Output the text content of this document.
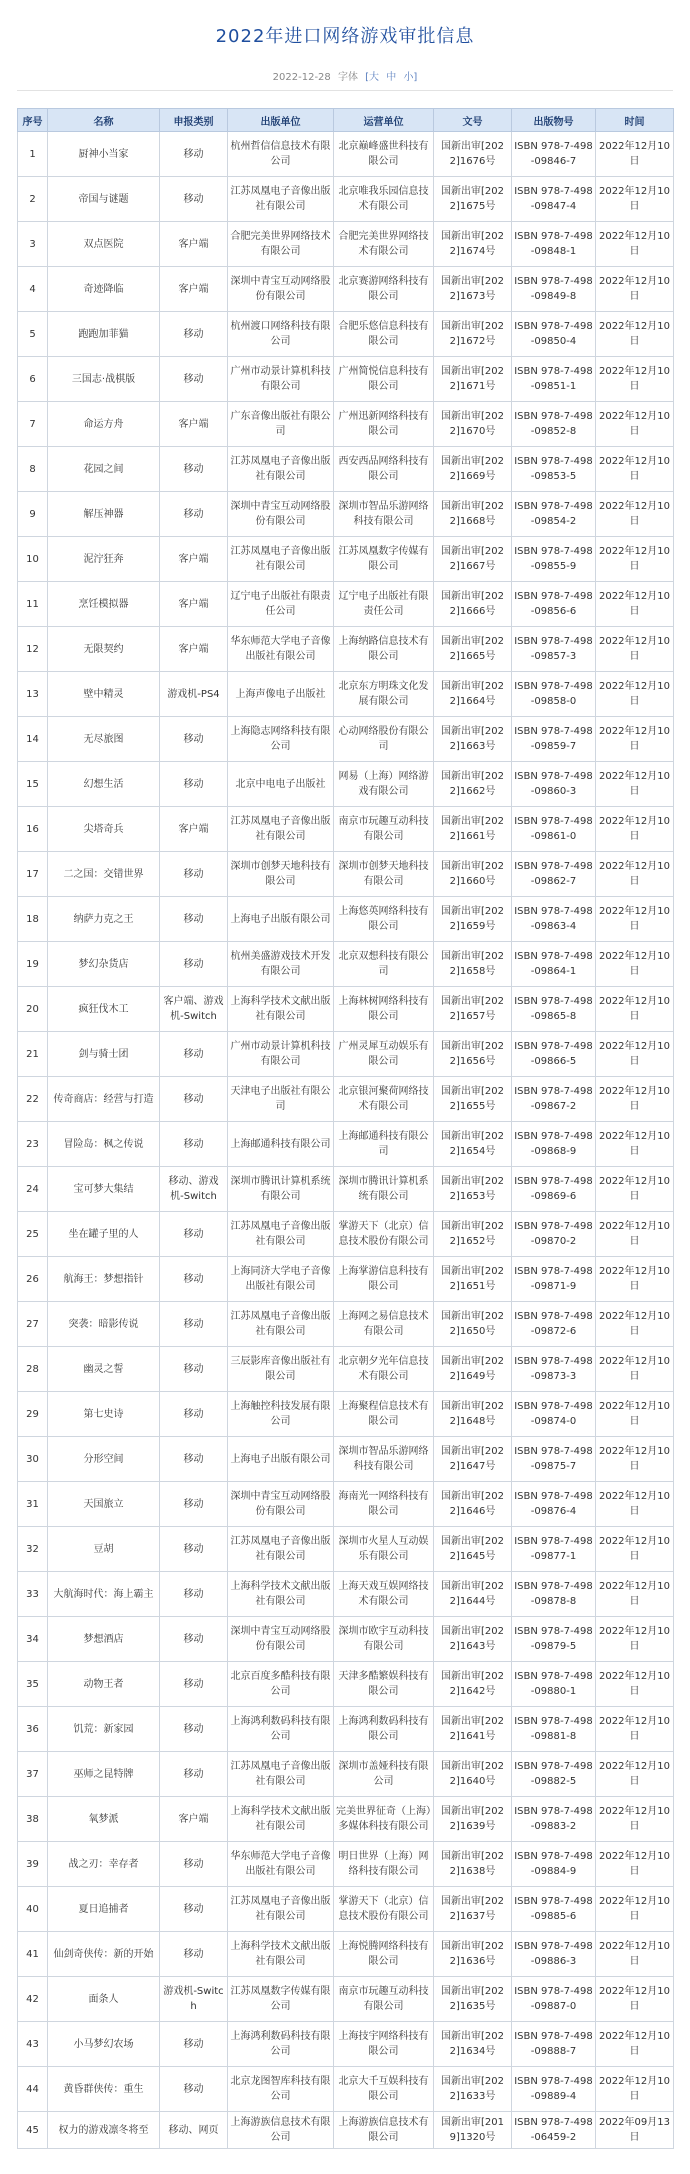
2022年进口网络游戏审批信息
2022-12-28 字体 [大 中 小]
序号	名称	申报类别	出版单位	运营单位	文号	出版物号	时间
1	厨神小当家	移动	杭州哲信信息技术有限公司	北京巅峰盛世科技有限公司	国新出审[2022]1676号	ISBN 978-7-498-09846-7	2022年12月10日
2	帝国与谜题	移动	江苏凤凰电子音像出版社有限公司	北京唯我乐园信息技术有限公司	国新出审[2022]1675号	ISBN 978-7-498-09847-4	2022年12月10日
3	双点医院	客户端	合肥完美世界网络技术有限公司	合肥完美世界网络技术有限公司	国新出审[2022]1674号	ISBN 978-7-498-09848-1	2022年12月10日
4	奇迹降临	客户端	深圳中青宝互动网络股份有限公司	北京赛游网络科技有限公司	国新出审[2022]1673号	ISBN 978-7-498-09849-8	2022年12月10日
5	跑跑加菲猫	移动	杭州渡口网络科技有限公司	合肥乐悠信息科技有限公司	国新出审[2022]1672号	ISBN 978-7-498-09850-4	2022年12月10日
6	三国志·战棋版	移动	广州市动景计算机科技有限公司	广州简悦信息科技有限公司	国新出审[2022]1671号	ISBN 978-7-498-09851-1	2022年12月10日
7	命运方舟	客户端	广东音像出版社有限公司	广州迅新网络科技有限公司	国新出审[2022]1670号	ISBN 978-7-498-09852-8	2022年12月10日
8	花园之间	移动	江苏凤凰电子音像出版社有限公司	西安西品网络科技有限公司	国新出审[2022]1669号	ISBN 978-7-498-09853-5	2022年12月10日
9	解压神器	移动	深圳中青宝互动网络股份有限公司	深圳市智品乐游网络科技有限公司	国新出审[2022]1668号	ISBN 978-7-498-09854-2	2022年12月10日
10	泥泞狂奔	客户端	江苏凤凰电子音像出版社有限公司	江苏凤凰数字传媒有限公司	国新出审[2022]1667号	ISBN 978-7-498-09855-9	2022年12月10日
11	烹饪模拟器	客户端	辽宁电子出版社有限责任公司	辽宁电子出版社有限责任公司	国新出审[2022]1666号	ISBN 978-7-498-09856-6	2022年12月10日
12	无限契约	客户端	华东师范大学电子音像出版社有限公司	上海纳路信息技术有限公司	国新出审[2022]1665号	ISBN 978-7-498-09857-3	2022年12月10日
13	壁中精灵	游戏机-PS4	上海声像电子出版社	北京东方明珠文化发展有限公司	国新出审[2022]1664号	ISBN 978-7-498-09858-0	2022年12月10日
14	无尽旅图	移动	上海隐志网络科技有限公司	心动网络股份有限公司	国新出审[2022]1663号	ISBN 978-7-498-09859-7	2022年12月10日
15	幻想生活	移动	北京中电电子出版社	网易（上海）网络游戏有限公司	国新出审[2022]1662号	ISBN 978-7-498-09860-3	2022年12月10日
16	尖塔奇兵	客户端	江苏凤凰电子音像出版社有限公司	南京市玩趣互动科技有限公司	国新出审[2022]1661号	ISBN 978-7-498-09861-0	2022年12月10日
17	二之国：交错世界	移动	深圳市创梦天地科技有限公司	深圳市创梦天地科技有限公司	国新出审[2022]1660号	ISBN 978-7-498-09862-7	2022年12月10日
18	纳萨力克之王	移动	上海电子出版有限公司	上海悠英网络科技有限公司	国新出审[2022]1659号	ISBN 978-7-498-09863-4	2022年12月10日
19	梦幻杂货店	移动	杭州美盛游戏技术开发有限公司	北京双想科技有限公司	国新出审[2022]1658号	ISBN 978-7-498-09864-1	2022年12月10日
20	疯狂伐木工	客户端、游戏机-Switch	上海科学技术文献出版社有限公司	上海林树网络科技有限公司	国新出审[2022]1657号	ISBN 978-7-498-09865-8	2022年12月10日
21	剑与骑士团	移动	广州市动景计算机科技有限公司	广州灵犀互动娱乐有限公司	国新出审[2022]1656号	ISBN 978-7-498-09866-5	2022年12月10日
22	传奇商店：经营与打造	移动	天津电子出版社有限公司	北京银河聚荷网络技术有限公司	国新出审[2022]1655号	ISBN 978-7-498-09867-2	2022年12月10日
23	冒险岛：枫之传说	移动	上海邮通科技有限公司	上海邮通科技有限公司	国新出审[2022]1654号	ISBN 978-7-498-09868-9	2022年12月10日
24	宝可梦大集结	移动、游戏机-Switch	深圳市腾讯计算机系统有限公司	深圳市腾讯计算机系统有限公司	国新出审[2022]1653号	ISBN 978-7-498-09869-6	2022年12月10日
25	坐在罐子里的人	移动	江苏凤凰电子音像出版社有限公司	掌游天下（北京）信息技术股份有限公司	国新出审[2022]1652号	ISBN 978-7-498-09870-2	2022年12月10日
26	航海王：梦想指针	移动	上海同济大学电子音像出版社有限公司	上海掌游信息科技有限公司	国新出审[2022]1651号	ISBN 978-7-498-09871-9	2022年12月10日
27	突袭：暗影传说	移动	江苏凤凰电子音像出版社有限公司	上海网之易信息技术有限公司	国新出审[2022]1650号	ISBN 978-7-498-09872-6	2022年12月10日
28	幽灵之誓	移动	三辰影库音像出版社有限公司	北京朝夕光年信息技术有限公司	国新出审[2022]1649号	ISBN 978-7-498-09873-3	2022年12月10日
29	第七史诗	移动	上海触控科技发展有限公司	上海聚程信息技术有限公司	国新出审[2022]1648号	ISBN 978-7-498-09874-0	2022年12月10日
30	分形空间	移动	上海电子出版有限公司	深圳市智品乐游网络科技有限公司	国新出审[2022]1647号	ISBN 978-7-498-09875-7	2022年12月10日
31	天国旅立	移动	深圳中青宝互动网络股份有限公司	海南光一网络科技有限公司	国新出审[2022]1646号	ISBN 978-7-498-09876-4	2022年12月10日
32	豆胡	移动	江苏凤凰电子音像出版社有限公司	深圳市火星人互动娱乐有限公司	国新出审[2022]1645号	ISBN 978-7-498-09877-1	2022年12月10日
33	大航海时代：海上霸主	移动	上海科学技术文献出版社有限公司	上海天戏互娱网络技术有限公司	国新出审[2022]1644号	ISBN 978-7-498-09878-8	2022年12月10日
34	梦想酒店	移动	深圳中青宝互动网络股份有限公司	深圳市欧宇互动科技有限公司	国新出审[2022]1643号	ISBN 978-7-498-09879-5	2022年12月10日
35	动物王者	移动	北京百度多酷科技有限公司	天津多酷繁娱科技有限公司	国新出审[2022]1642号	ISBN 978-7-498-09880-1	2022年12月10日
36	饥荒：新家园	移动	上海鸿利数码科技有限公司	上海鸿利数码科技有限公司	国新出审[2022]1641号	ISBN 978-7-498-09881-8	2022年12月10日
37	巫师之昆特牌	移动	江苏凤凰电子音像出版社有限公司	深圳市盖娅科技有限公司	国新出审[2022]1640号	ISBN 978-7-498-09882-5	2022年12月10日
38	氧梦派	客户端	上海科学技术文献出版社有限公司	完美世界征奇（上海）多媒体科技有限公司	国新出审[2022]1639号	ISBN 978-7-498-09883-2	2022年12月10日
39	战之刃：幸存者	移动	华东师范大学电子音像出版社有限公司	明日世界（上海）网络科技有限公司	国新出审[2022]1638号	ISBN 978-7-498-09884-9	2022年12月10日
40	夏日追捕者	移动	江苏凤凰电子音像出版社有限公司	掌游天下（北京）信息技术股份有限公司	国新出审[2022]1637号	ISBN 978-7-498-09885-6	2022年12月10日
41	仙剑奇侠传：新的开始	移动	上海科学技术文献出版社有限公司	上海悦腾网络科技有限公司	国新出审[2022]1636号	ISBN 978-7-498-09886-3	2022年12月10日
42	面条人	游戏机-Switch	江苏凤凰数字传媒有限公司	南京市玩趣互动科技有限公司	国新出审[2022]1635号	ISBN 978-7-498-09887-0	2022年12月10日
43	小马梦幻农场	移动	上海鸿利数码科技有限公司	上海技宇网络科技有限公司	国新出审[2022]1634号	ISBN 978-7-498-09888-7	2022年12月10日
44	黄昏群侠传：重生	移动	北京龙图智库科技有限公司	北京大千互娱科技有限公司	国新出审[2022]1633号	ISBN 978-7-498-09889-4	2022年12月10日
45	权力的游戏凛冬将至	移动、网页	上海游族信息技术有限公司	上海游族信息技术有限公司	国新出审[2019]1320号	ISBN 978-7-498-06459-2	2022年09月13日
